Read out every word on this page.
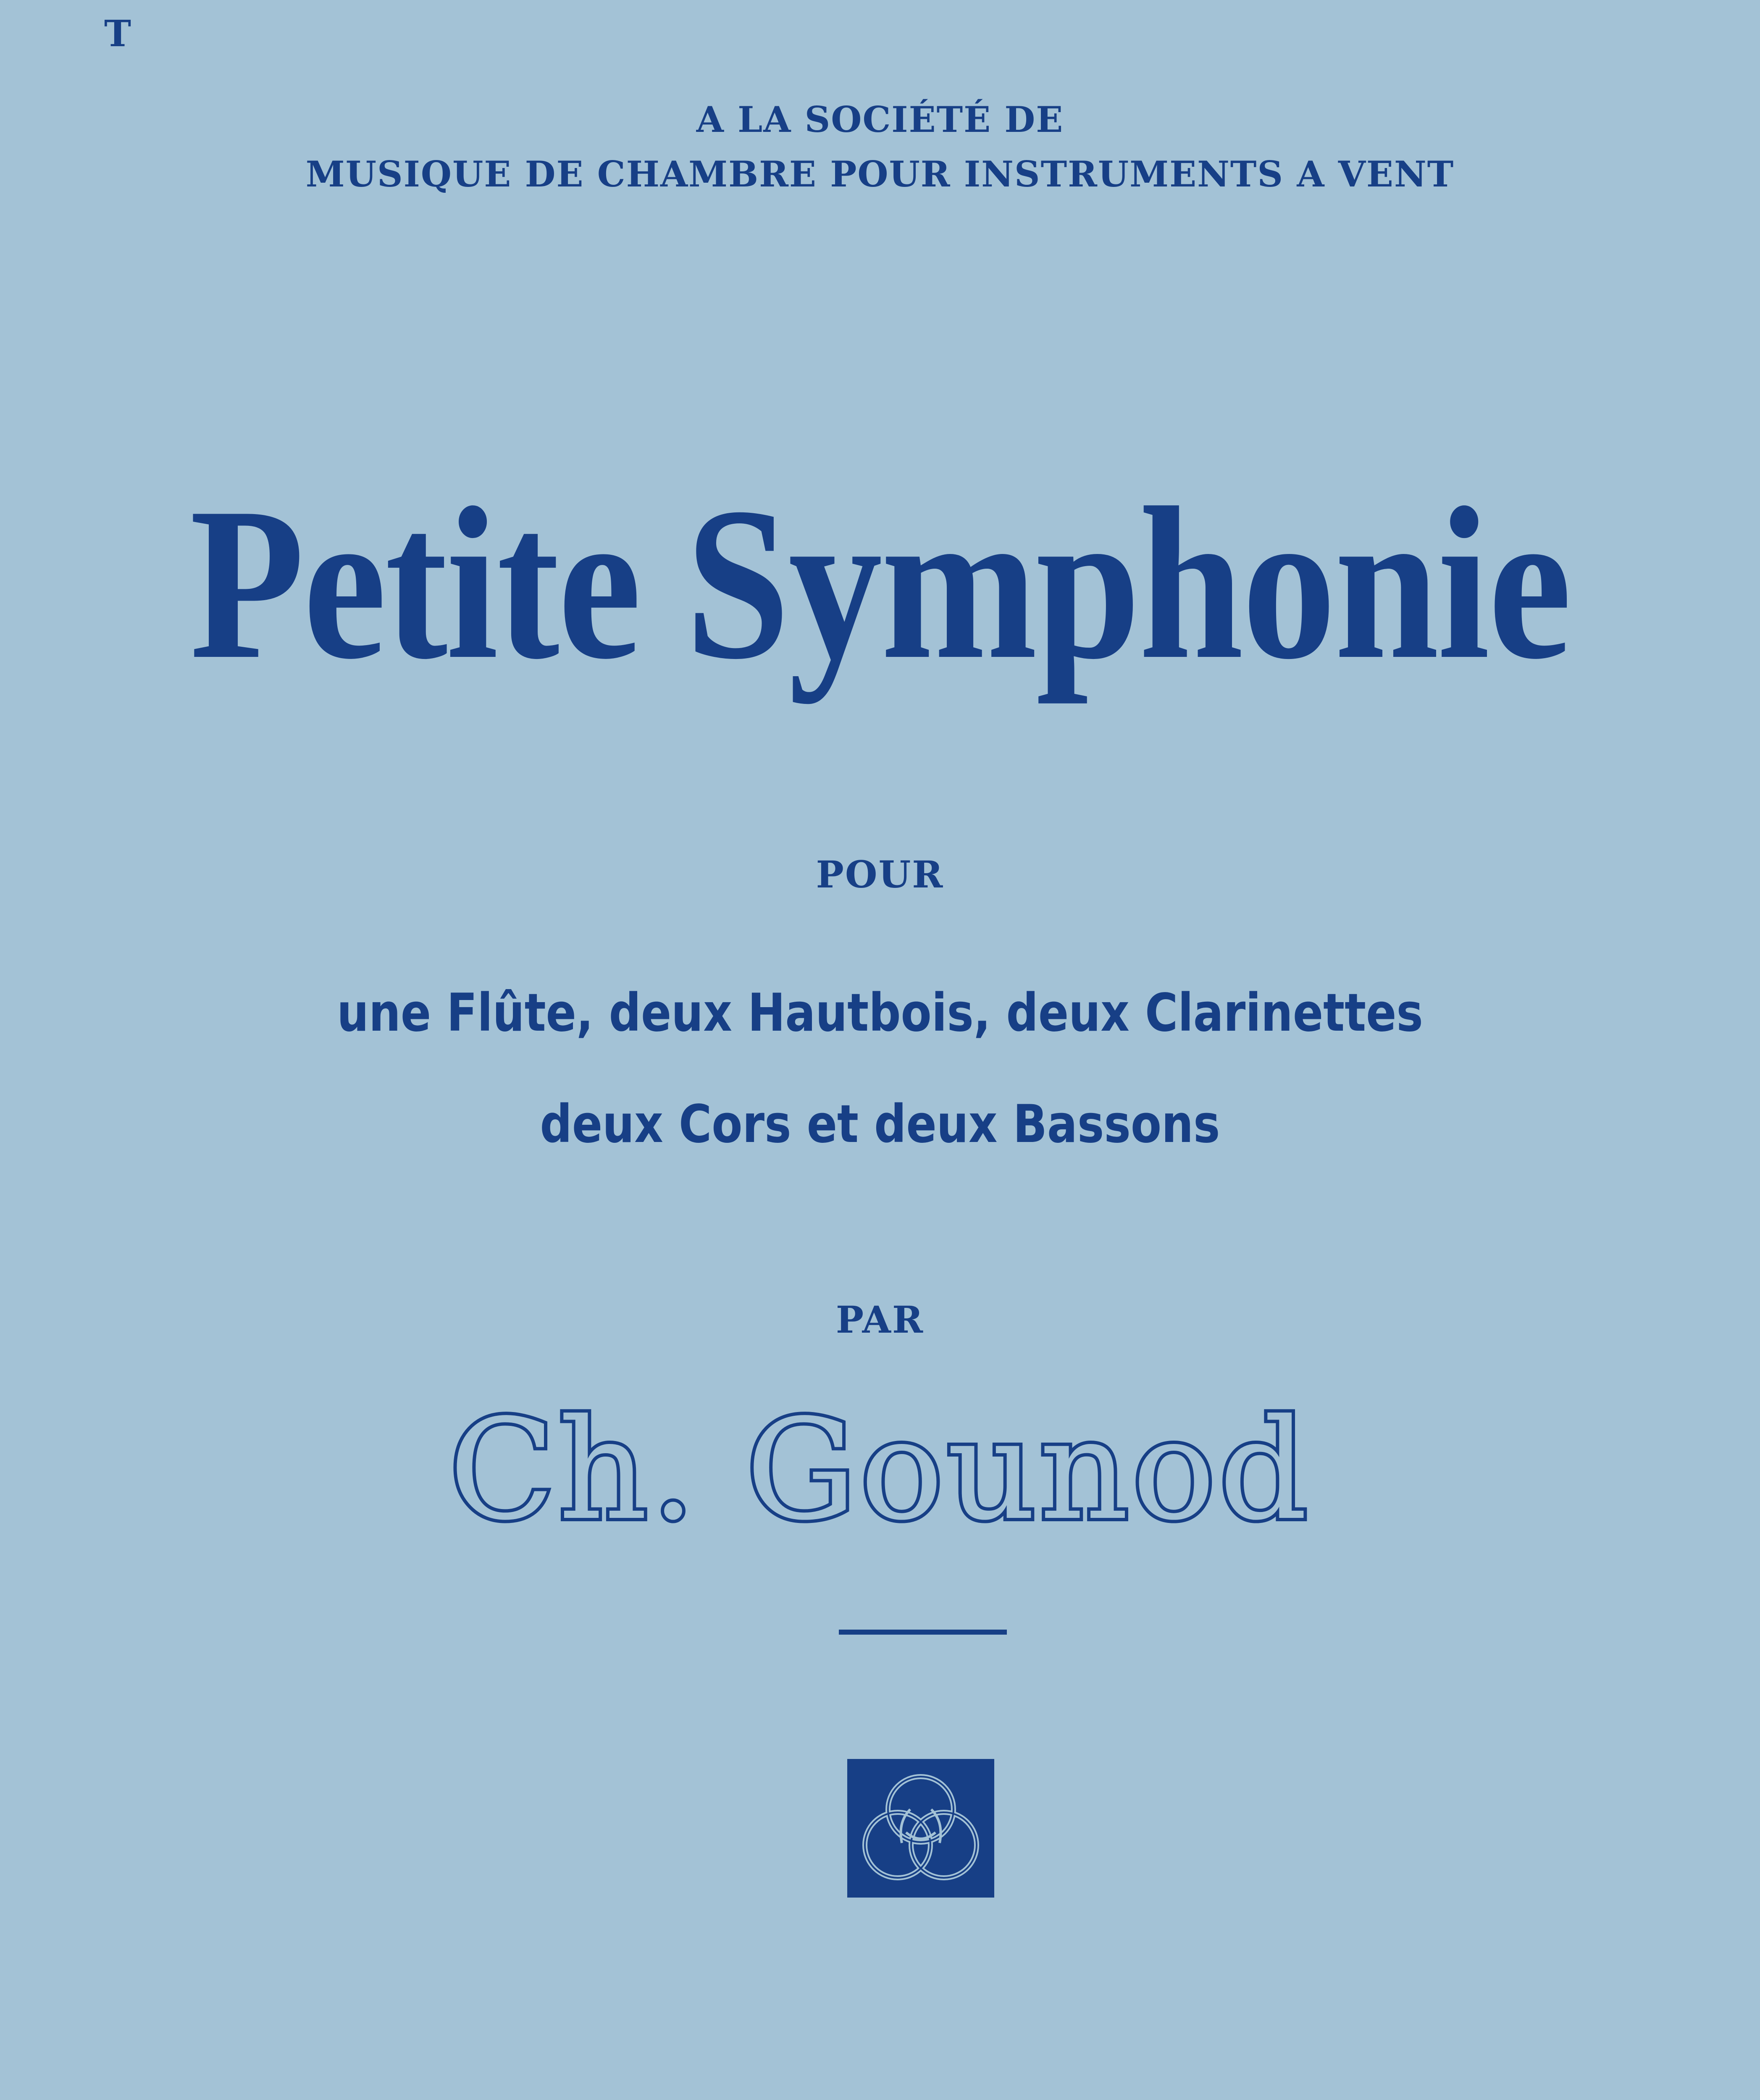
T
A LA SOCIÉTÉ DE
MUSIQUE DE CHAMBRE POUR INSTRUMENTS A VENT
Petite Symphonie
POUR
une Flûte, deux Hautbois, deux Clarinettes
deux Cors et deux Bassons
PAR
Ch. Gounod
